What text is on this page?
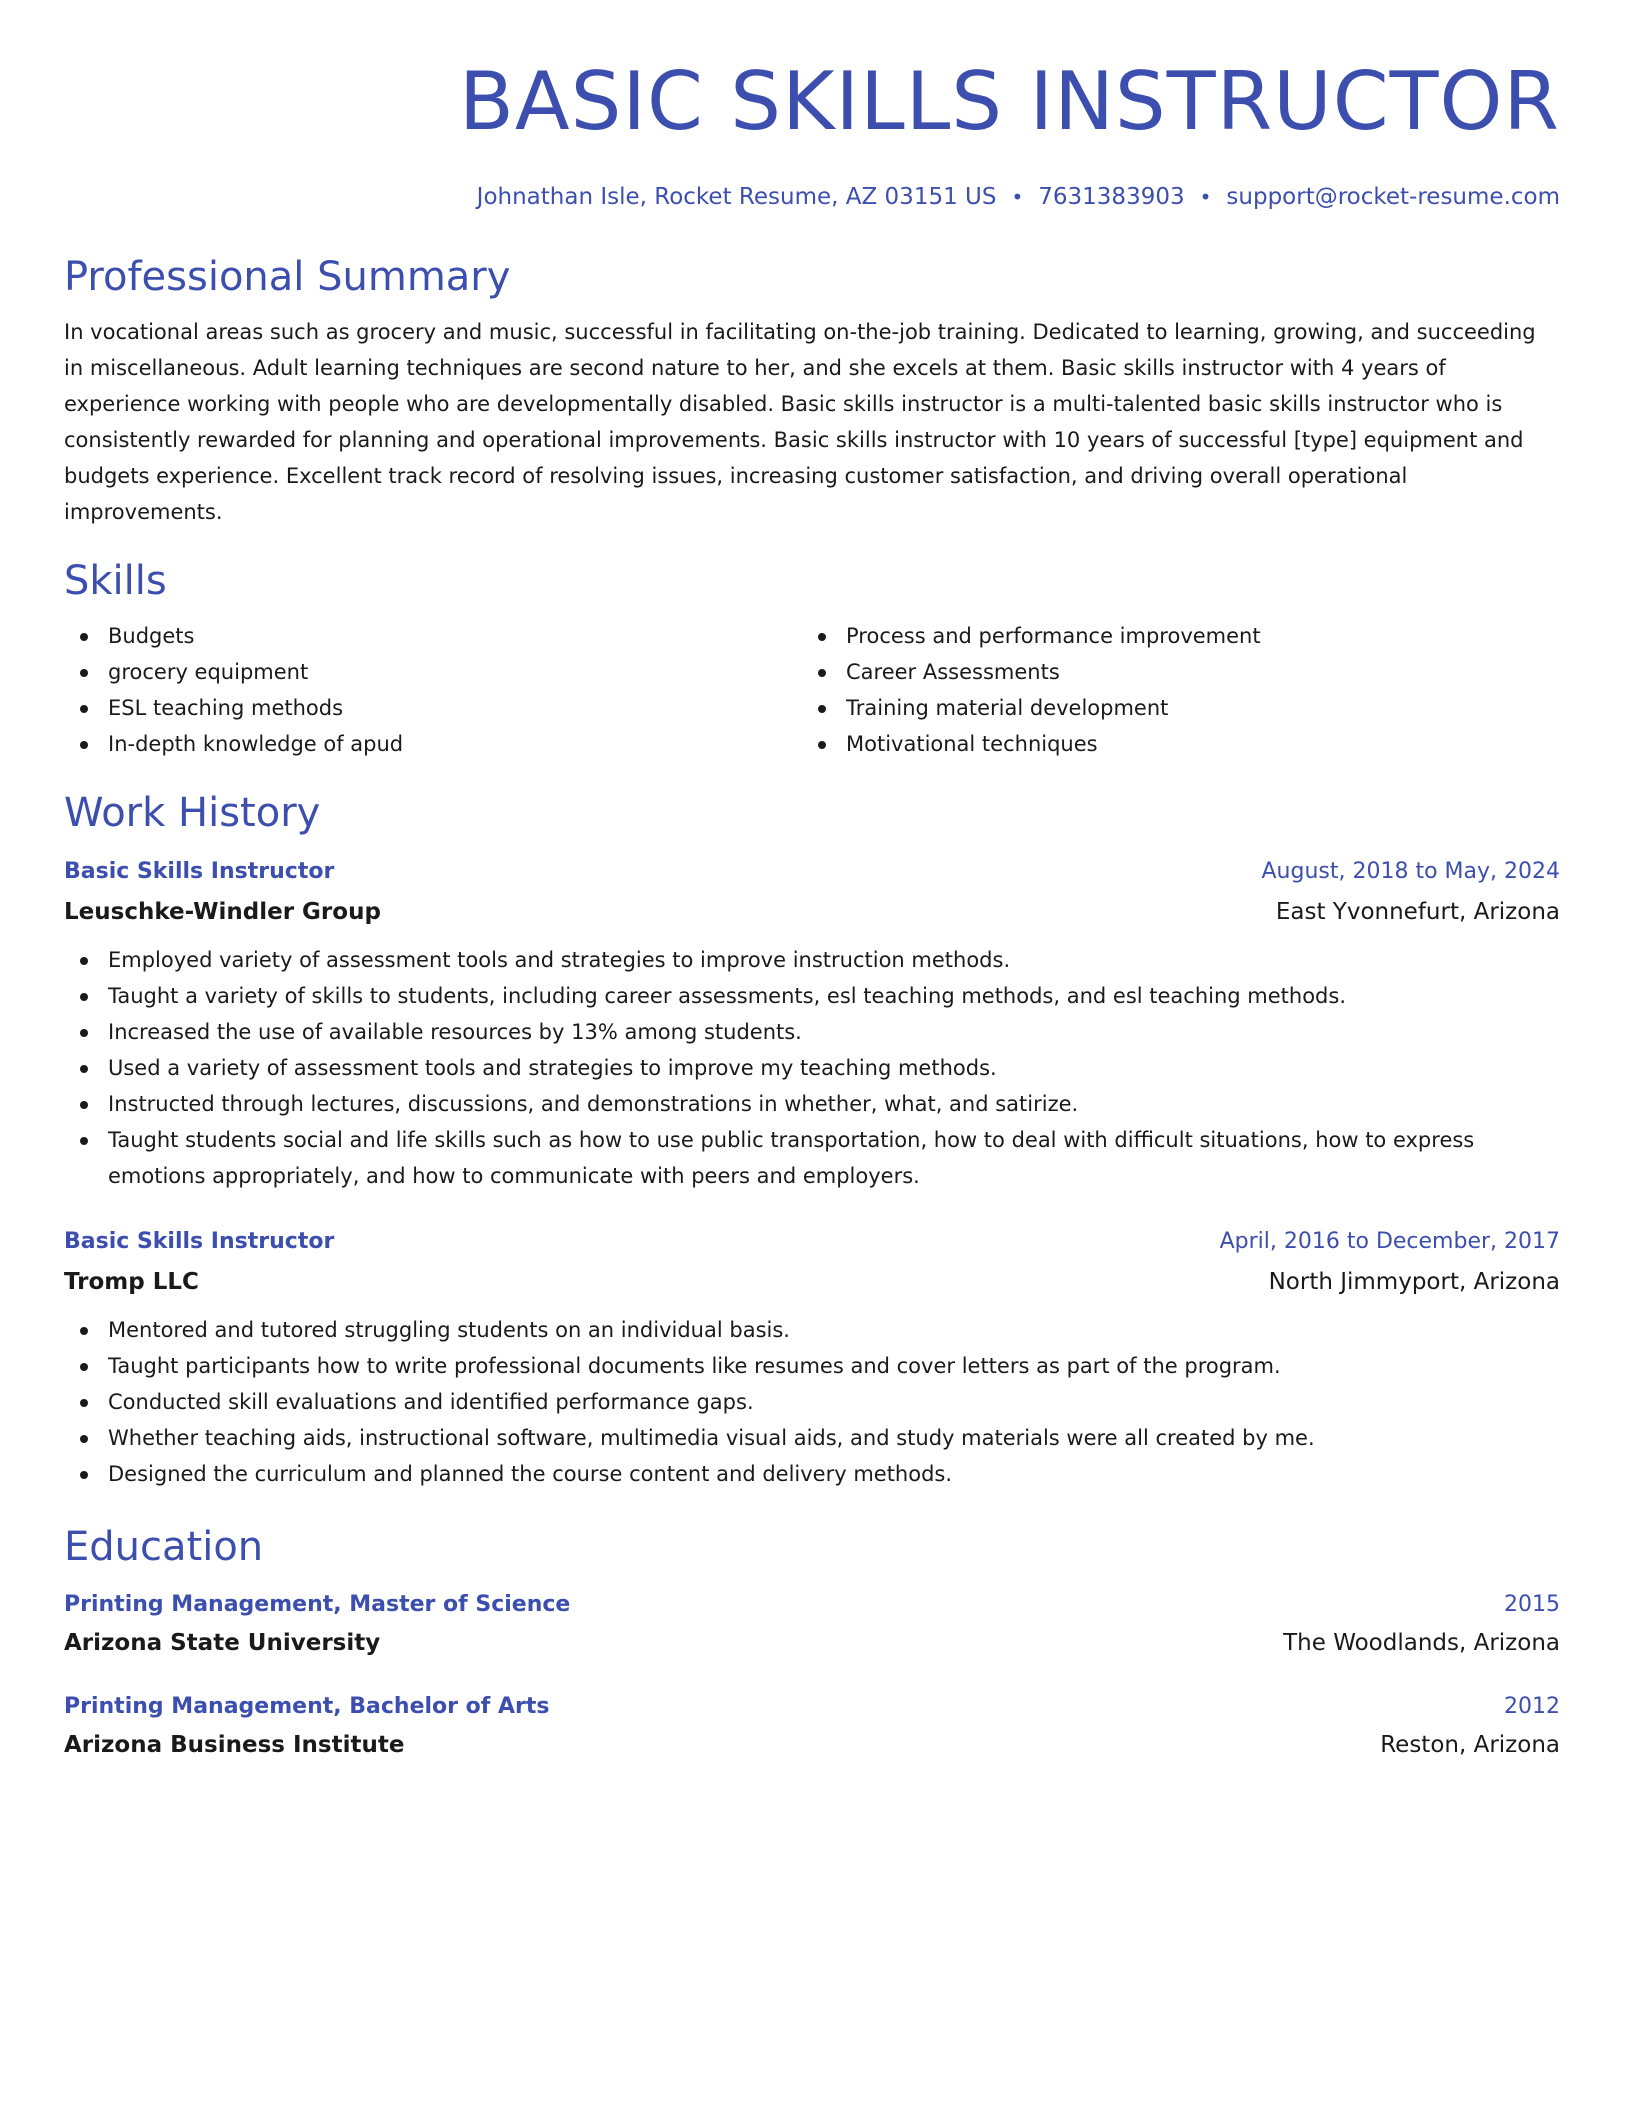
BASIC SKILLS INSTRUCTOR
Johnathan Isle, Rocket Resume, AZ 03151 US • 7631383903 • support@rocket-resume.com
Professional Summary

In vocational areas such as grocery and music, successful in facilitating on-the-job training. Dedicated to learning, growing, and succeeding in miscellaneous. Adult learning techniques are second nature to her, and she excels at them. Basic skills instructor with 4 years of experience working with people who are developmentally disabled. Basic skills instructor is a multi-talented basic skills instructor who is consistently rewarded for planning and operational improvements. Basic skills instructor with 10 years of successful [type] equipment and budgets experience. Excellent track record of resolving issues, increasing customer satisfaction, and driving overall operational improvements.

Skills
Budgets
grocery equipment
ESL teaching methods
In-depth knowledge of apud
Process and performance improvement
Career Assessments
Training material development
Motivational techniques
Work History
Basic Skills Instructor	August, 2018 to May, 2024
Leuschke-Windler Group	East Yvonnefurt, Arizona
Employed variety of assessment tools and strategies to improve instruction methods.
Taught a variety of skills to students, including career assessments, esl teaching methods, and esl teaching methods.
Increased the use of available resources by 13% among students.
Used a variety of assessment tools and strategies to improve my teaching methods.
Instructed through lectures, discussions, and demonstrations in whether, what, and satirize.
Taught students social and life skills such as how to use public transportation, how to deal with difficult situations, how to express emotions appropriately, and how to communicate with peers and employers.
Basic Skills Instructor	April, 2016 to December, 2017
Tromp LLC	North Jimmyport, Arizona
Mentored and tutored struggling students on an individual basis.
Taught participants how to write professional documents like resumes and cover letters as part of the program.
Conducted skill evaluations and identified performance gaps.
Whether teaching aids, instructional software, multimedia visual aids, and study materials were all created by me.
Designed the curriculum and planned the course content and delivery methods.
Education
Printing Management, Master of Science	2015
Arizona State University	The Woodlands, Arizona
Printing Management, Bachelor of Arts	2012
Arizona Business Institute	Reston, Arizona
